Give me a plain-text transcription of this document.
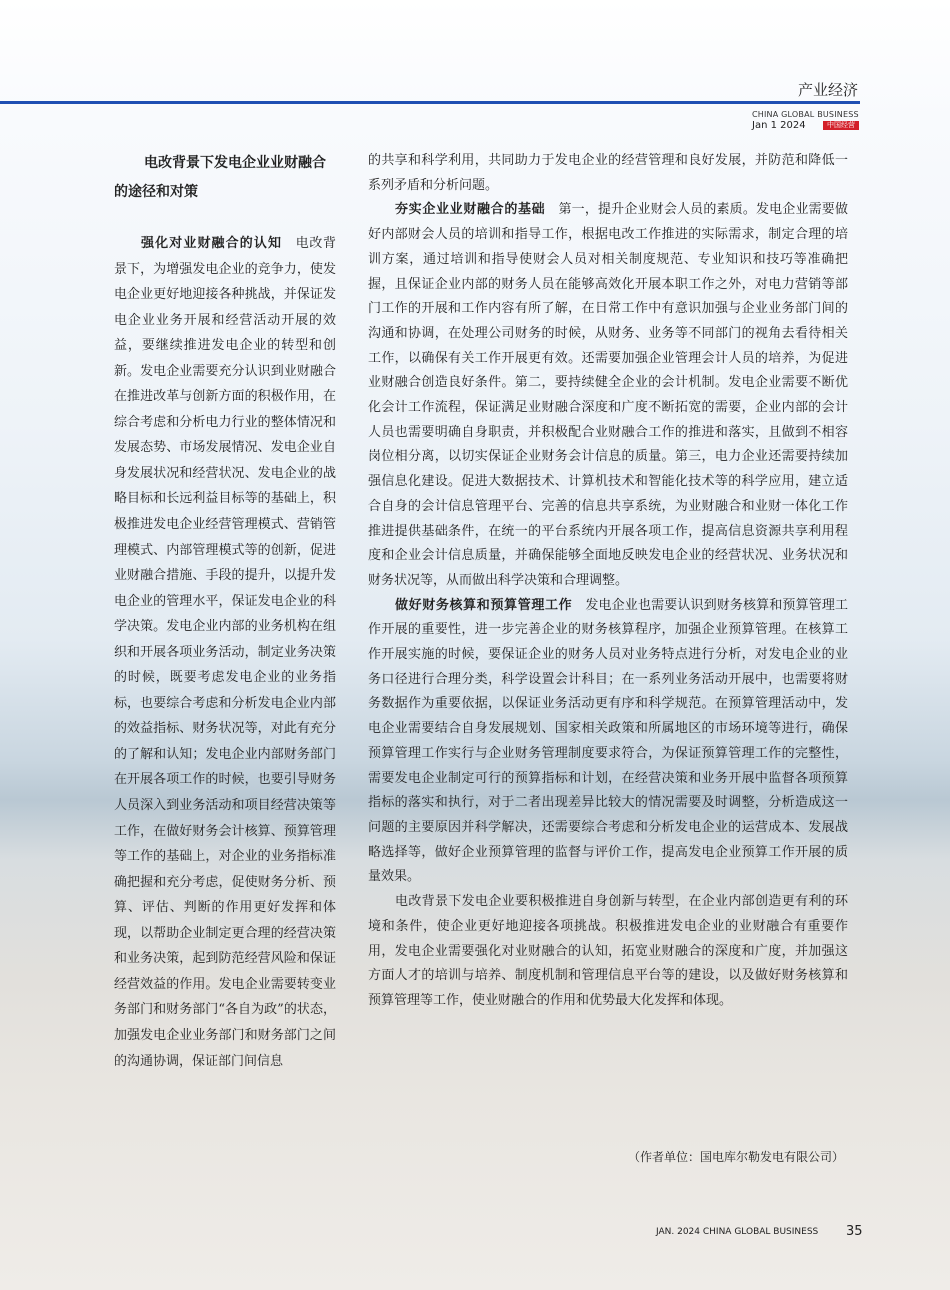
产业经济
CHINA GLOBAL BUSINESS
Jan 1 2024	中国经营
电改背景下发电企业业财融合的途径和对策

强化对业财融合的认知　 电改背景下，为增强发电企业的竞争力，使发电企业更好地迎接各种挑战，并保证发电企业业务开展和经营活动开展的效益，要继续推进发电企业的转型和创新。发电企业需要充分认识到业财融合在推进改革与创新方面的积极作用，在综合考虑和分析电力行业的整体情况和发展态势、市场发展情况、发电企业自身发展状况和经营状况、发电企业的战略目标和长远利益目标等的基础上，积极推进发电企业经营管理模式、营销管理模式、内部管理模式等的创新，促进业财融合措施、手段的提升，以提升发电企业的管理水平，保证发电企业的科学决策。发电企业内部的业务机构在组织和开展各项业务活动，制定业务决策的时候，既要考虑发电企业的业务指标，也要综合考虑和分析发电企业内部的效益指标、财务状况等，对此有充分的了解和认知；发电企业内部财务部门在开展各项工作的时候，也要引导财务人员深入到业务活动和项目经营决策等工作，在做好财务会计核算、预算管理等工作的基础上，对企业的业务指标准确把握和充分考虑，促使财务分析、预算、评估、判断的作用更好发挥和体现，以帮助企业制定更合理的经营决策和业务决策，起到防范经营风险和保证经营效益的作用。发电企业需要转变业务部门和财务部门“各自为政”的状态，加强发电企业业务部门和财务部门之间的沟通协调，保证部门间信息

的共享和科学利用，共同助力于发电企业的经营管理和良好发展，并防范和降低一系列矛盾和分析问题。

夯实企业业财融合的基础　 第一，提升企业财会人员的素质。发电企业需要做好内部财会人员的培训和指导工作，根据电改工作推进的实际需求，制定合理的培训方案，通过培训和指导使财会人员对相关制度规范、专业知识和技巧等准确把握，且保证企业内部的财务人员在能够高效化开展本职工作之外，对电力营销等部门工作的开展和工作内容有所了解，在日常工作中有意识加强与企业业务部门间的沟通和协调，在处理公司财务的时候，从财务、业务等不同部门的视角去看待相关工作，以确保有关工作开展更有效。还需要加强企业管理会计人员的培养，为促进业财融合创造良好条件。第二，要持续健全企业的会计机制。发电企业需要不断优化会计工作流程，保证满足业财融合深度和广度不断拓宽的需要，企业内部的会计人员也需要明确自身职责，并积极配合业财融合工作的推进和落实，且做到不相容岗位相分离，以切实保证企业财务会计信息的质量。第三，电力企业还需要持续加强信息化建设。促进大数据技术、计算机技术和智能化技术等的科学应用，建立适合自身的会计信息管理平台、完善的信息共享系统，为业财融合和业财一体化工作推进提供基础条件，在统一的平台系统内开展各项工作，提高信息资源共享利用程度和企业会计信息质量，并确保能够全面地反映发电企业的经营状况、业务状况和财务状况等，从而做出科学决策和合理调整。

做好财务核算和预算管理工作　 发电企业也需要认识到财务核算和预算管理工作开展的重要性，进一步完善企业的财务核算程序，加强企业预算管理。在核算工作开展实施的时候，要保证企业的财务人员对业务特点进行分析，对发电企业的业务口径进行合理分类，科学设置会计科目；在一系列业务活动开展中，也需要将财务数据作为重要依据，以保证业务活动更有序和科学规范。在预算管理活动中，发电企业需要结合自身发展规划、国家相关政策和所属地区的市场环境等进行，确保预算管理工作实行与企业财务管理制度要求符合，为保证预算管理工作的完整性，需要发电企业制定可行的预算指标和计划，在经营决策和业务开展中监督各项预算指标的落实和执行，对于二者出现差异比较大的情况需要及时调整，分析造成这一问题的主要原因并科学解决，还需要综合考虑和分析发电企业的运营成本、发展战略选择等，做好企业预算管理的监督与评价工作，提高发电企业预算工作开展的质量效果。

电改背景下发电企业要积极推进自身创新与转型，在企业内部创造更有利的环境和条件，使企业更好地迎接各项挑战。积极推进发电企业的业财融合有重要作用，发电企业需要强化对业财融合的认知，拓宽业财融合的深度和广度，并加强这方面人才的培训与培养、制度机制和管理信息平台等的建设，以及做好财务核算和预算管理等工作，使业财融合的作用和优势最大化发挥和体现。

（作者单位：国电库尔勒发电有限公司）
JAN. 2024 CHINA GLOBAL BUSINESS 35
